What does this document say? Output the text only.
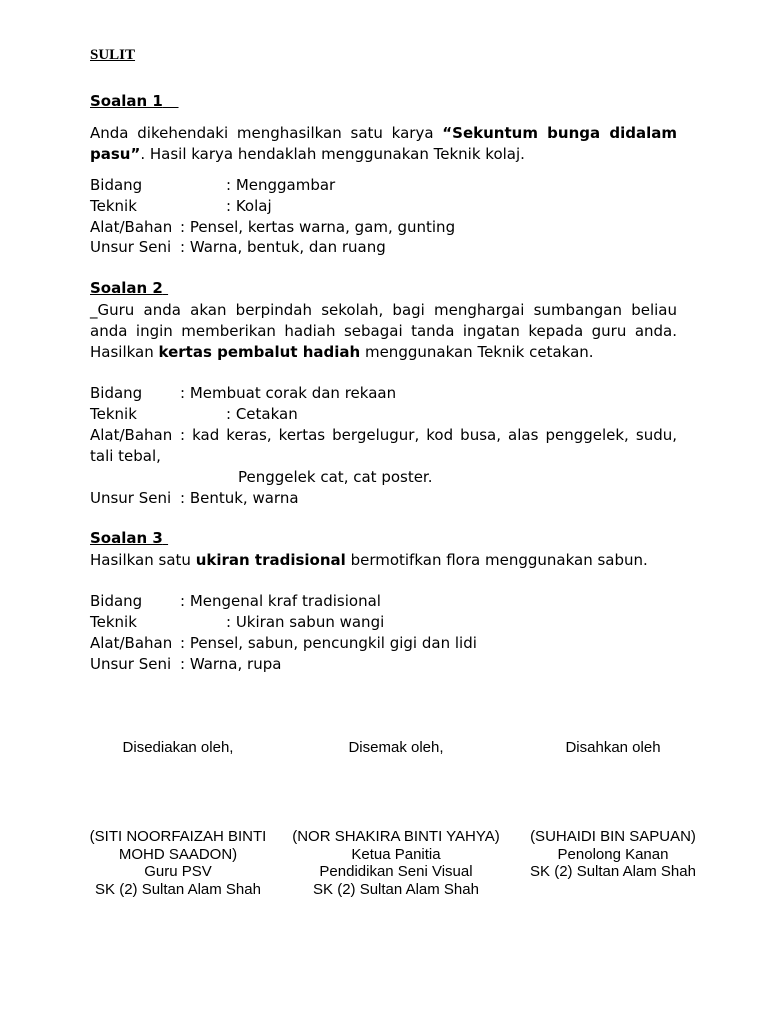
SULIT
Soalan 1
Anda dikehendaki menghasilkan satu karya “Sekuntum bunga didalam pasu”. Hasil karya hendaklah menggunakan Teknik kolaj.
Bidang	: Menggambar
Teknik	: Kolaj
Alat/Bahan : Pensel, kertas warna, gam, gunting
Unsur Seni : Warna, bentuk, dan ruang
Soalan 2
_Guru anda akan berpindah sekolah, bagi menghargai sumbangan beliau anda ingin memberikan hadiah sebagai tanda ingatan kepada guru anda. Hasilkan kertas pembalut hadiah menggunakan Teknik cetakan.
Bidang	: Membuat corak dan rekaan
Teknik	: Cetakan
Alat/Bahan : kad keras, kertas bergelugur, kod busa, alas penggelek, sudu, tali tebal,
Penggelek cat, cat poster.
Unsur Seni : Bentuk, warna
Soalan 3
Hasilkan satu ukiran tradisional bermotifkan flora menggunakan sabun.
Bidang	: Mengenal kraf tradisional
Teknik	: Ukiran sabun wangi
Alat/Bahan : Pensel, sabun, pencungkil gigi dan lidi
Unsur Seni : Warna, rupa
Disediakan oleh,
(SITI NOORFAIZAH BINTI MOHD SAADON)
Guru PSV
SK (2) Sultan Alam Shah
Disemak oleh,
(NOR SHAKIRA BINTI YAHYA)
Ketua Panitia
Pendidikan Seni Visual
SK (2) Sultan Alam Shah
Disahkan oleh
(SUHAIDI BIN SAPUAN)
Penolong Kanan
SK (2) Sultan Alam Shah
